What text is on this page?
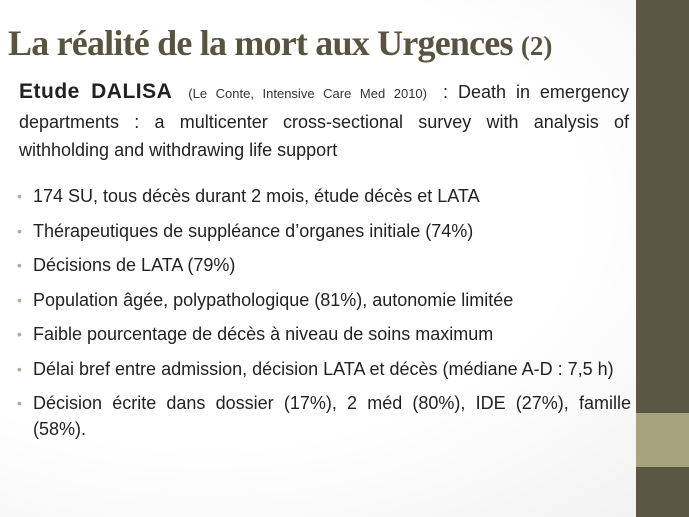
La réalité de la mort aux Urgences (2)
Etude DALISA (Le Conte, Intensive Care Med 2010) : Death in emergency departments : a multicenter cross-sectional survey with analysis of withholding and withdrawing life support
• 174 SU, tous décès durant 2 mois, étude décès et LATA
• Thérapeutiques de suppléance d’organes initiale (74%)
• Décisions de LATA (79%)
• Population âgée, polypathologique (81%), autonomie limitée
• Faible pourcentage de décès à niveau de soins maximum
• Délai bref entre admission, décision LATA et décès (médiane A-D : 7,5 h)
• Décision écrite dans dossier (17%), 2 méd (80%), IDE (27%), famille (58%).
